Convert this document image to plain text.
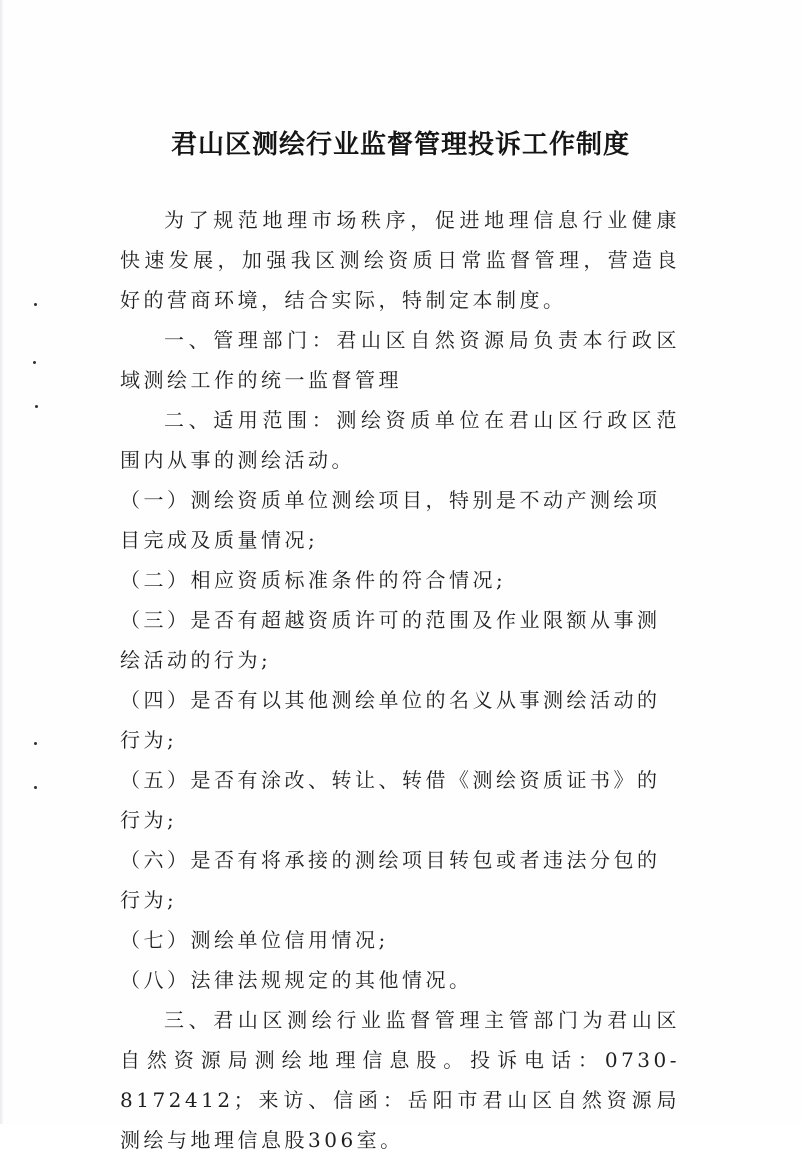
君山区测绘行业监督管理投诉工作制度

为了规范地理市场秩序，促进地理信息行业健康快速发展，加强我区测绘资质日常监督管理，营造良好的营商环境，结合实际，特制定本制度。

一、管理部门：君山区自然资源局负责本行政区域测绘工作的统一监督管理

二、适用范围：测绘资质单位在君山区行政区范围内从事的测绘活动。

（一）测绘资质单位测绘项目，特别是不动产测绘项目完成及质量情况;

（二）相应资质标准条件的符合情况;

（三）是否有超越资质许可的范围及作业限额从事测绘活动的行为;

（四）是否有以其他测绘单位的名义从事测绘活动的行为;

（五）是否有涂改、转让、转借《测绘资质证书》的行为;

（六）是否有将承接的测绘项目转包或者违法分包的行为;

（七）测绘单位信用情况;

（八）法律法规规定的其他情况。

三、君山区测绘行业监督管理主管部门为君山区自然资源局测绘地理信息股。投诉电话：0730-8172412；来访、信函：岳阳市君山区自然资源局测绘与地理信息股306室。
